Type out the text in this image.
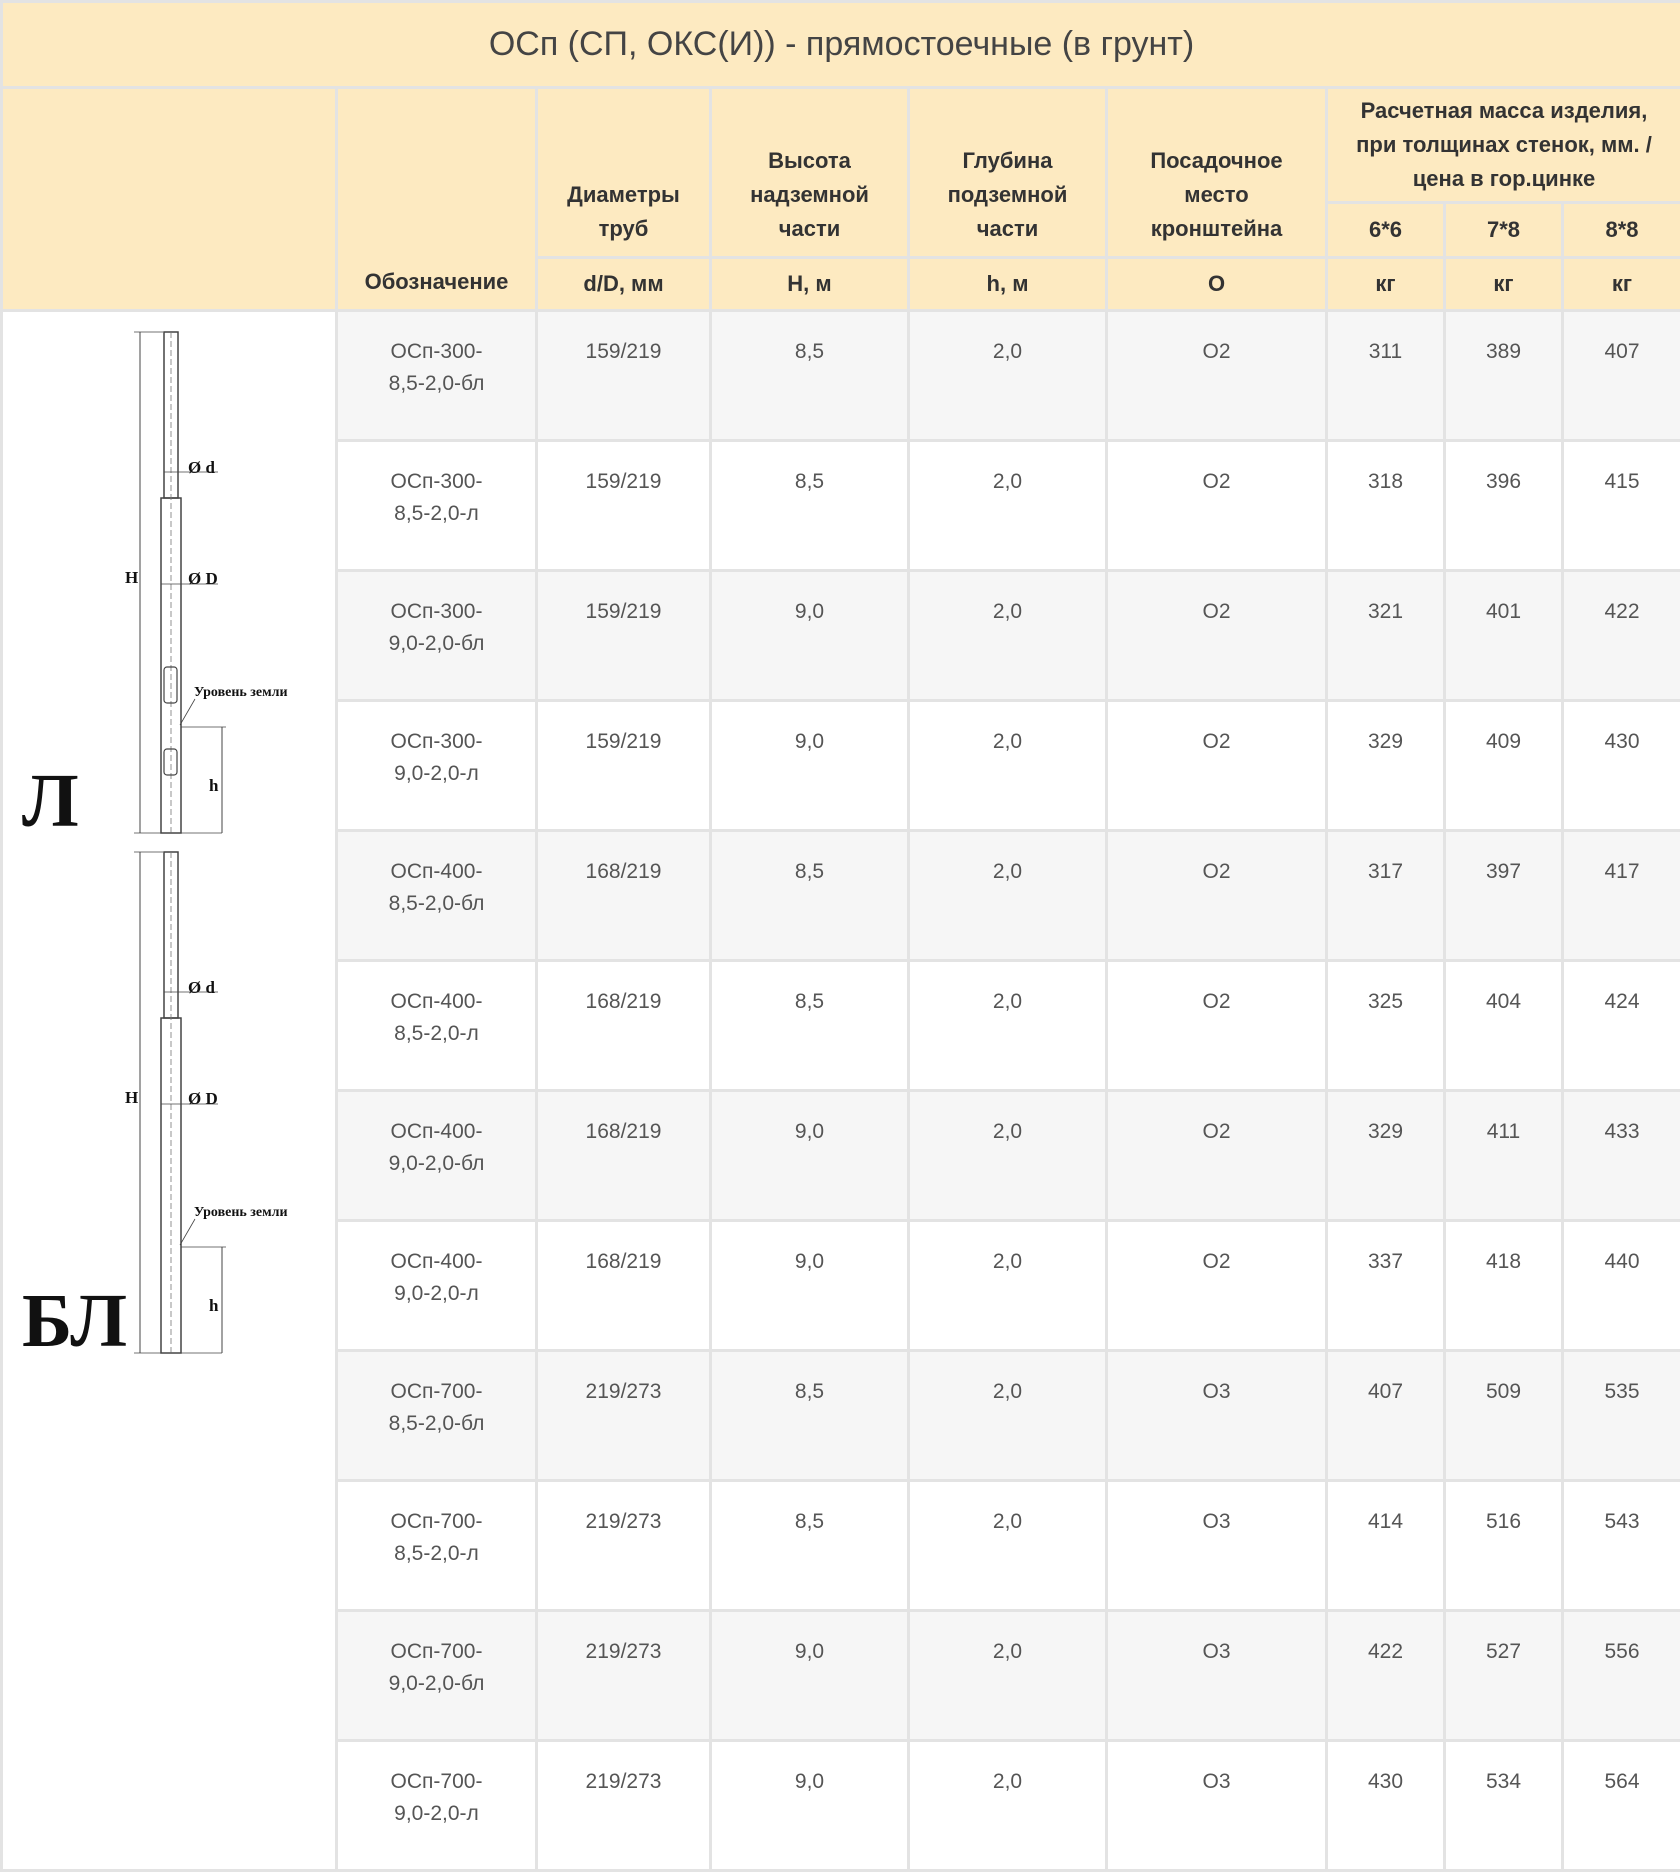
ОСп (СП, ОКС(И)) - прямостоечные (в грунт)								
	Обозначение	Диаметры труб	Высота надземной части	Глубина подземной части	Посадочное место кронштейна	Расчетная масса изделия, при толщинах стенок, мм. / цена в гор.цинке		
						6*6	7*8	8*8

		d/D, мм	H, м	h, м	О	кг	кг	кг
	ОСп-300-8,5-2,0-бл	159/219	8,5	2,0	О2	311	389	407
	ОСп-300-8,5-2,0-л	159/219	8,5	2,0	О2	318	396	415
	ОСп-300-9,0-2,0-бл	159/219	9,0	2,0	О2	321	401	422
	ОСп-300-9,0-2,0-л	159/219	9,0	2,0	О2	329	409	430
	ОСп-400-8,5-2,0-бл	168/219	8,5	2,0	О2	317	397	417
	ОСп-400-8,5-2,0-л	168/219	8,5	2,0	О2	325	404	424
	ОСп-400-9,0-2,0-бл	168/219	9,0	2,0	О2	329	411	433
	ОСп-400-9,0-2,0-л	168/219	9,0	2,0	О2	337	418	440
	ОСп-700-8,5-2,0-бл	219/273	8,5	2,0	О3	407	509	535
	ОСп-700-8,5-2,0-л	219/273	8,5	2,0	О3	414	516	543
	ОСп-700-9,0-2,0-бл	219/273	9,0	2,0	О3	422	527	556
	ОСп-700-9,0-2,0-л	219/273	9,0	2,0	О3	430	534	564
Ø d
Ø D
H
h
Уровень земли
Л
Ø d
Ø D
H
h
Уровень земли
БЛ
